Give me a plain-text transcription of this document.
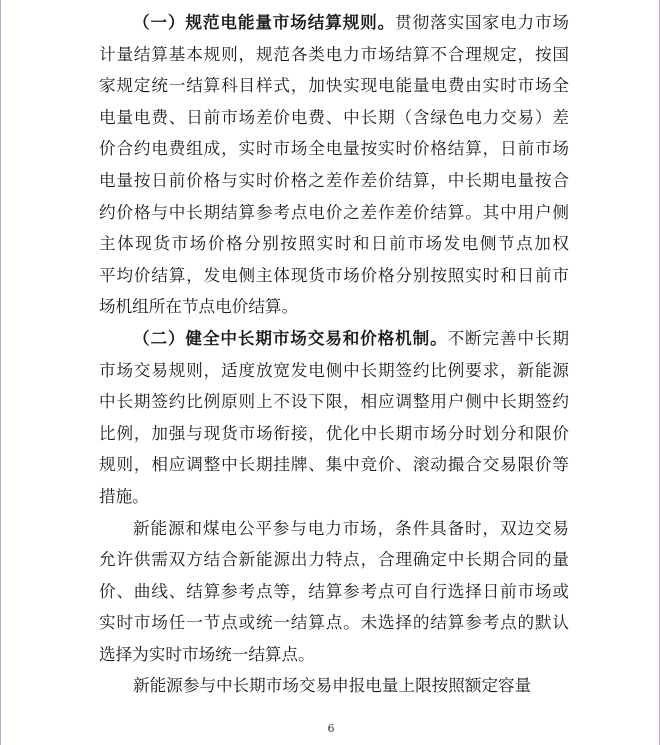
（一）规范电能量市场结算规则。贯彻落实国家电力市场
计量结算基本规则，规范各类电力市场结算不合理规定，按国
家规定统一结算科目样式，加快实现电能量电费由实时市场全
电量电费、日前市场差价电费、中长期（含绿色电力交易）差
价合约电费组成，实时市场全电量按实时价格结算，日前市场
电量按日前价格与实时价格之差作差价结算，中长期电量按合
约价格与中长期结算参考点电价之差作差价结算。其中用户侧
主体现货市场价格分别按照实时和日前市场发电侧节点加权
平均价结算，发电侧主体现货市场价格分别按照实时和日前市
场机组所在节点电价结算。
（二）健全中长期市场交易和价格机制。不断完善中长期
市场交易规则，适度放宽发电侧中长期签约比例要求，新能源
中长期签约比例原则上不设下限，相应调整用户侧中长期签约
比例，加强与现货市场衔接，优化中长期市场分时划分和限价
规则，相应调整中长期挂牌、集中竞价、滚动撮合交易限价等
措施。
新能源和煤电公平参与电力市场，条件具备时，双边交易
允许供需双方结合新能源出力特点，合理确定中长期合同的量
价、曲线、结算参考点等，结算参考点可自行选择日前市场或
实时市场任一节点或统一结算点。未选择的结算参考点的默认
选择为实时市场统一结算点。
新能源参与中长期市场交易申报电量上限按照额定容量
6
